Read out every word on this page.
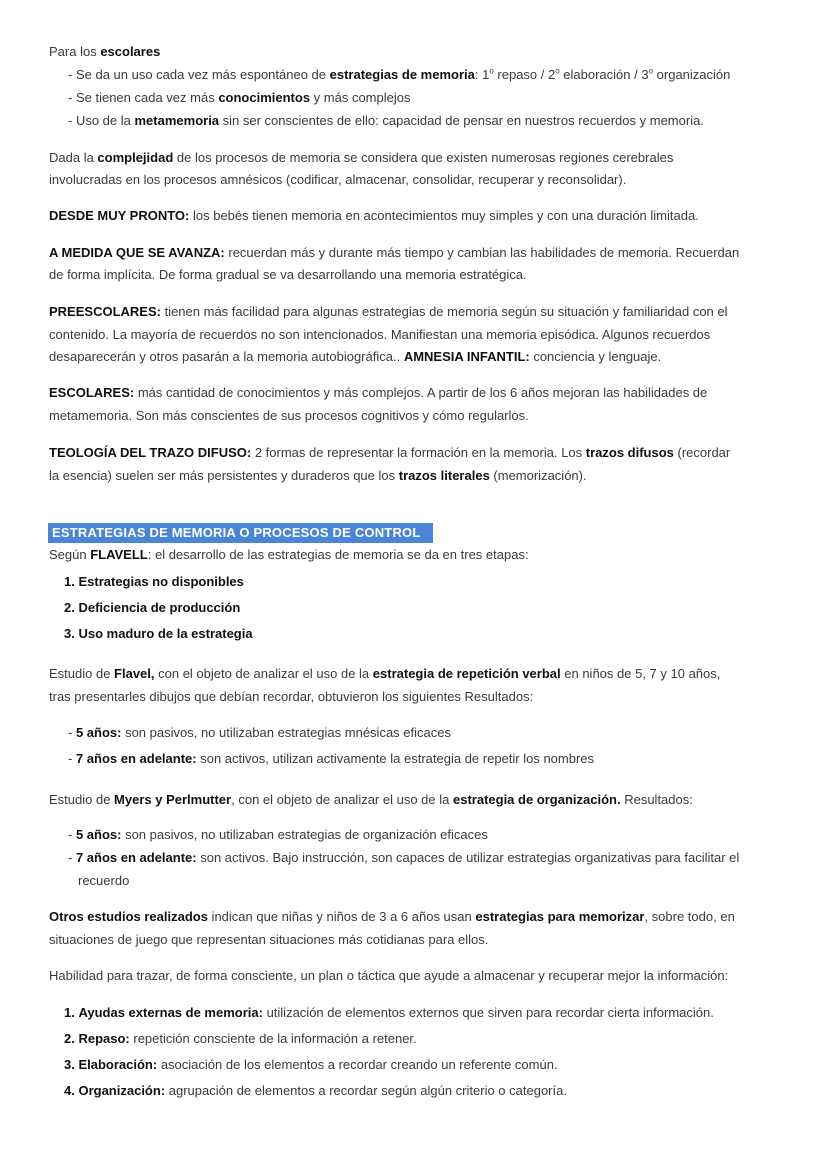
Para los escolares
- Se da un uso cada vez más espontáneo de estrategias de memoria: 1$^o$ repaso / 2$^o$ elaboración / 3$^o$ organización
- Se tienen cada vez más conocimientos y más complejos
- Uso de la metamemoria sin ser conscientes de ello: capacidad de pensar en nuestros recuerdos y memoria.
Dada la complejidad de los procesos de memoria se considera que existen numerosas regiones cerebrales
involucradas en los procesos amnésicos (codificar, almacenar, consolidar, recuperar y reconsolidar).
DESDE MUY PRONTO: los bebés tienen memoria en acontecimientos muy simples y con una duración limitada.
A MEDIDA QUE SE AVANZA: recuerdan más y durante más tiempo y cambian las habilidades de memoria. Recuerdan
de forma implícita. De forma gradual se va desarrollando una memoria estratégica.
PREESCOLARES: tienen más facilidad para algunas estrategias de memoria según su situación y familiaridad con el
contenido. La mayoría de recuerdos no son intencionados. Manifiestan una memoria episódica. Algunos recuerdos
desaparecerán y otros pasarán a la memoria autobiográfica.. AMNESIA INFANTIL: conciencia y lenguaje.
ESCOLARES: más cantidad de conocimientos y más complejos. A partir de los 6 años mejoran las habilidades de
metamemoria. Son más conscientes de sus procesos cognitivos y cómo regularlos.
TEOLOGÍA DEL TRAZO DIFUSO: 2 formas de representar la formación en la memoria. Los trazos difusos (recordar
la esencia) suelen ser más persistentes y duraderos que los trazos literales (memorización).
ESTRATEGIAS DE MEMORIA O PROCESOS DE CONTROL
Según FLAVELL: el desarrollo de las estrategias de memoria se da en tres etapas:
1. Estrategias no disponibles
2. Deficiencia de producción
3. Uso maduro de la estrategia
Estudio de Flavel, con el objeto de analizar el uso de la estrategia de repetición verbal en niños de 5, 7 y 10 años,
tras presentarles dibujos que debían recordar, obtuvieron los siguientes Resultados:
- 5 años: son pasivos, no utilizaban estrategias mnésicas eficaces
- 7 años en adelante: son activos, utilizan activamente la estrategia de repetir los nombres
Estudio de Myers y Perlmutter, con el objeto de analizar el uso de la estrategia de organización. Resultados:
- 5 años: son pasivos, no utilizaban estrategias de organización eficaces
- 7 años en adelante: son activos. Bajo instrucción, son capaces de utilizar estrategias organizativas para facilitar el
recuerdo
Otros estudios realizados indican que niñas y niños de 3 a 6 años usan estrategias para memorizar, sobre todo, en
situaciones de juego que representan situaciones más cotidianas para ellos.
Habilidad para trazar, de forma consciente, un plan o táctica que ayude a almacenar y recuperar mejor la información:
1. Ayudas externas de memoria: utilización de elementos externos que sirven para recordar cierta información.
2. Repaso: repetición consciente de la información a retener.
3. Elaboración: asociación de los elementos a recordar creando un referente común.
4. Organización: agrupación de elementos a recordar según algún criterio o categoría.
